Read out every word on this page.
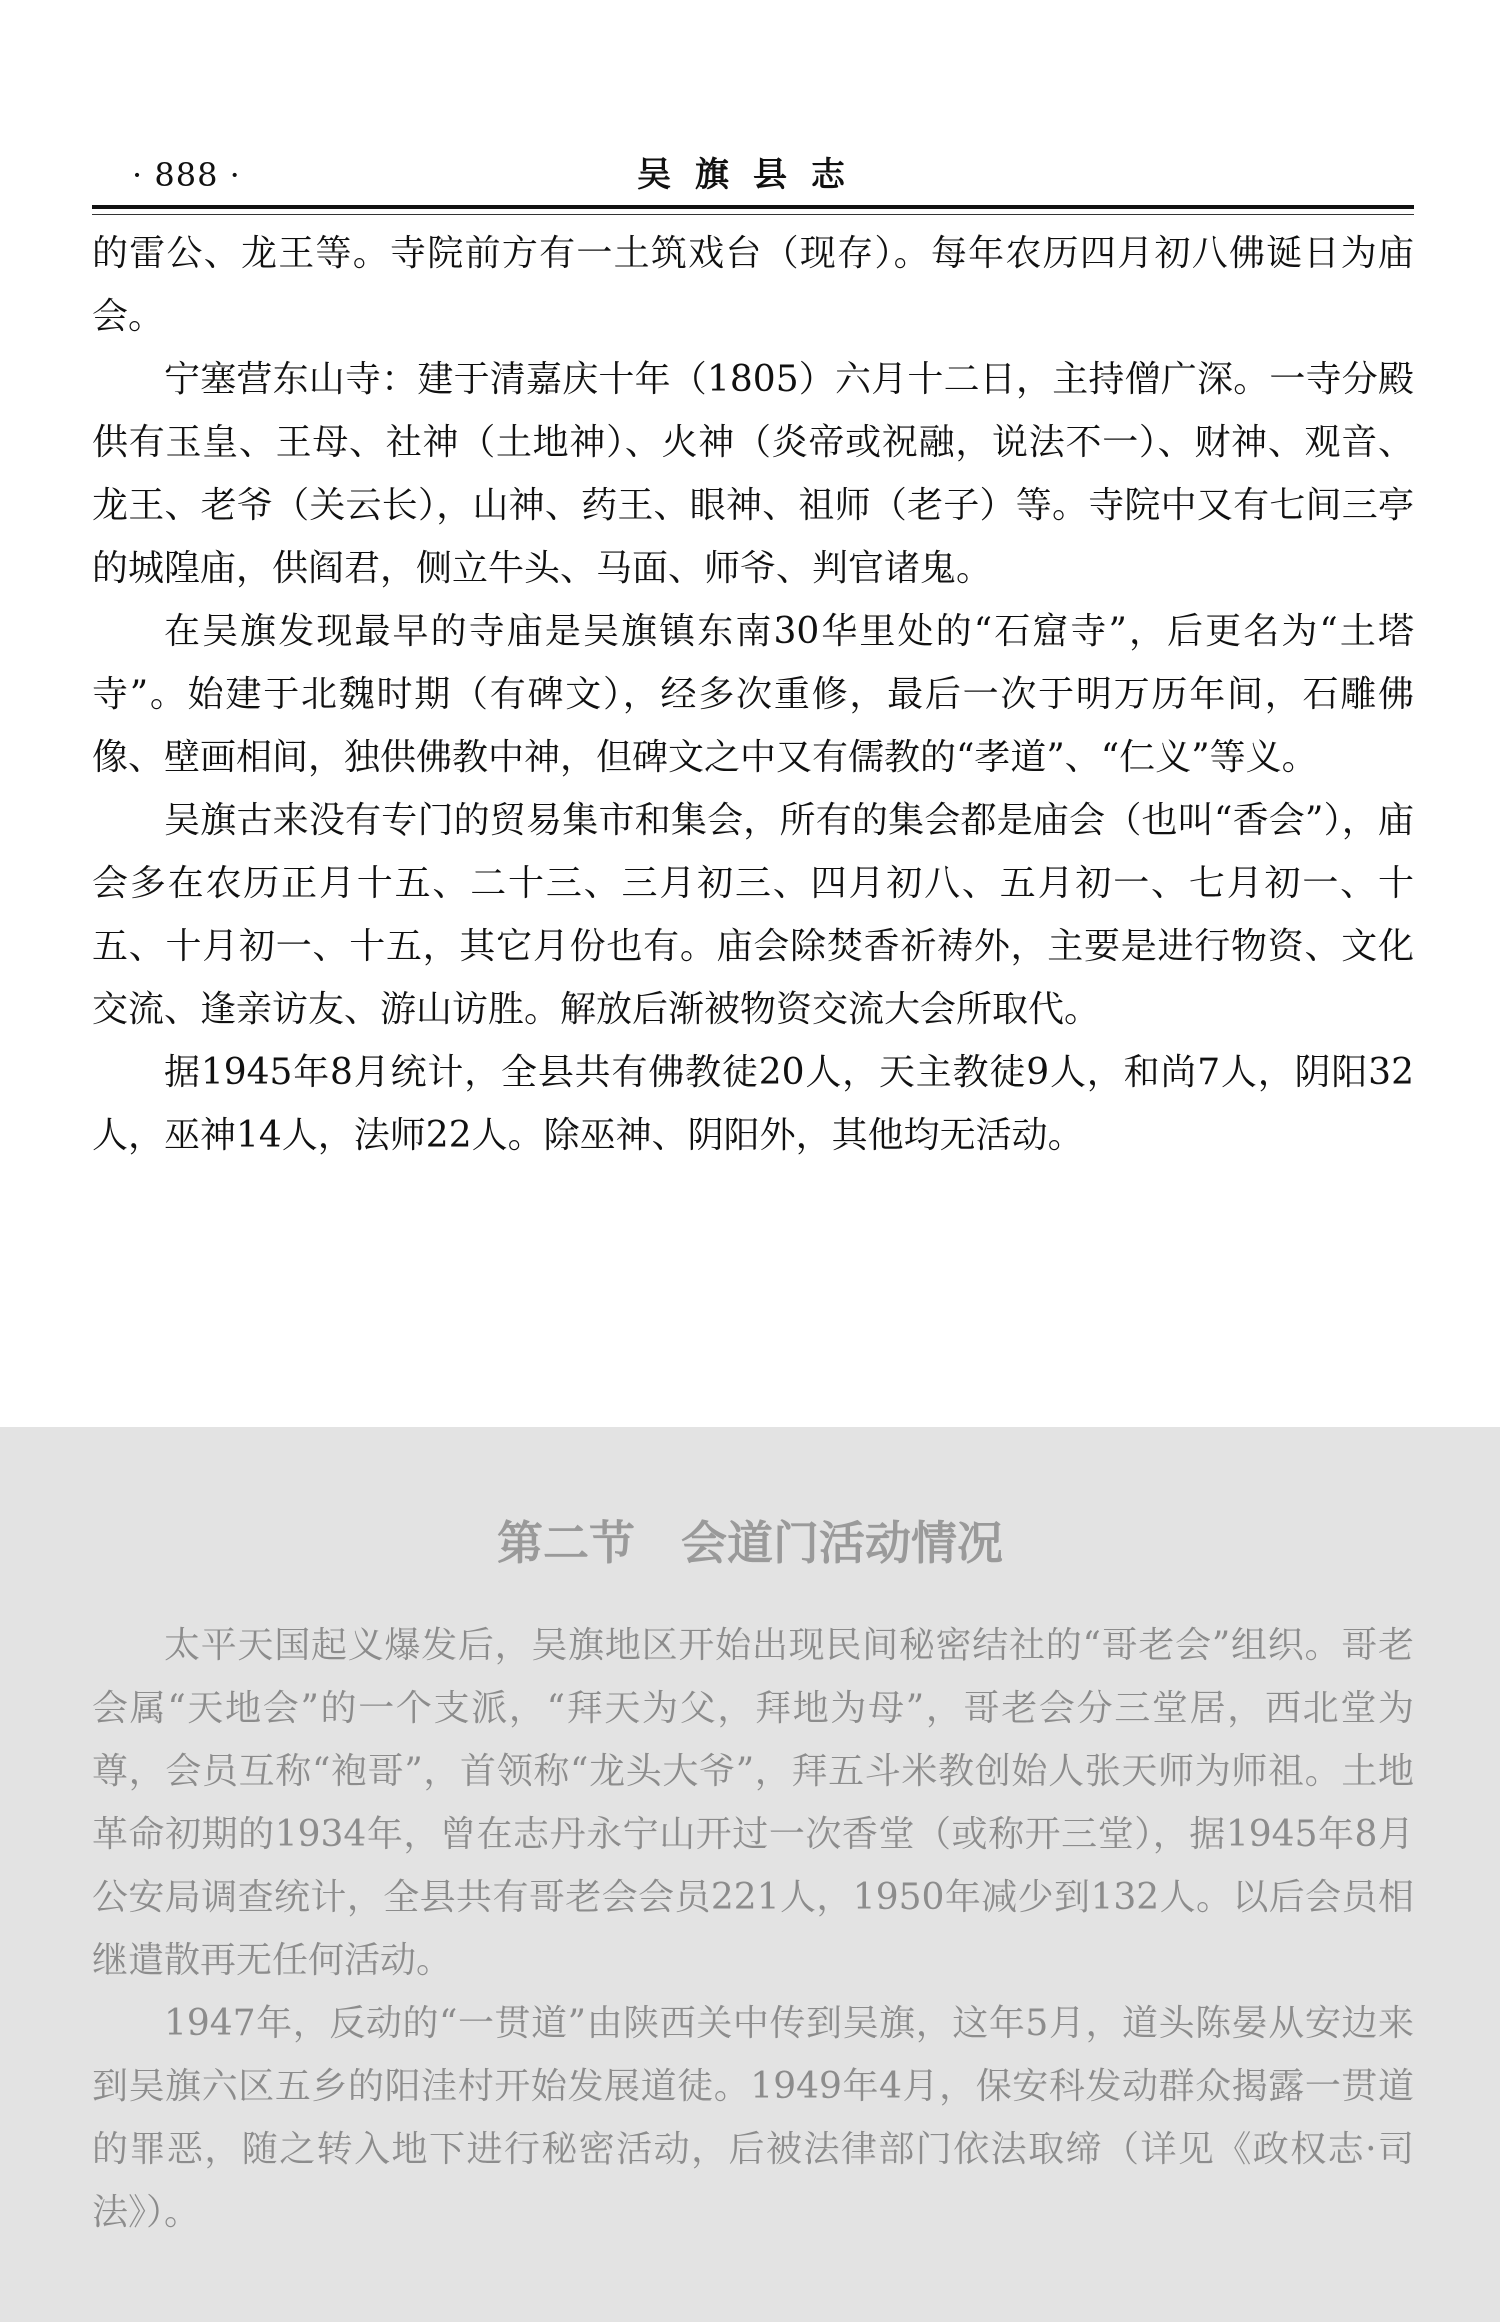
· 888 ·	吴旗县志

的雷公、龙王等。寺院前方有一土筑戏台（现存）。每年农历四月初八佛诞日为庙会。

宁塞营东山寺：建于清嘉庆十年（1805）六月十二日，主持僧广深。一寺分殿供有玉皇、王母、社神（土地神）、火神（炎帝或祝融，说法不一）、财神、观音、龙王、老爷（关云长），山神、药王、眼神、祖师（老子）等。寺院中又有七间三亭的城隍庙，供阎君，侧立牛头、马面、师爷、判官诸鬼。

在吴旗发现最早的寺庙是吴旗镇东南30华里处的“石窟寺”，后更名为“土塔寺”。始建于北魏时期（有碑文），经多次重修，最后一次于明万历年间，石雕佛像、壁画相间，独供佛教中神，但碑文之中又有儒教的“孝道”、“仁义”等义。

吴旗古来没有专门的贸易集市和集会，所有的集会都是庙会（也叫“香会”），庙会多在农历正月十五、二十三、三月初三、四月初八、五月初一、七月初一、十五、十月初一、十五，其它月份也有。庙会除焚香祈祷外，主要是进行物资、文化交流、逢亲访友、游山访胜。解放后渐被物资交流大会所取代。

据1945年8月统计，全县共有佛教徒20人，天主教徒9人，和尚7人，阴阳32人，巫神14人，法师22人。除巫神、阴阳外，其他均无活动。

第二节　会道门活动情况

太平天国起义爆发后，吴旗地区开始出现民间秘密结社的“哥老会”组织。哥老会属“天地会”的一个支派，“拜天为父，拜地为母”，哥老会分三堂居，西北堂为尊，会员互称“袍哥”，首领称“龙头大爷”，拜五斗米教创始人张天师为师祖。土地革命初期的1934年，曾在志丹永宁山开过一次香堂（或称开三堂），据1945年8月公安局调查统计，全县共有哥老会会员221人，1950年减少到132人。以后会员相继遣散再无任何活动。

1947年，反动的“一贯道”由陕西关中传到吴旗，这年5月，道头陈晏从安边来到吴旗六区五乡的阳洼村开始发展道徒。1949年4月，保安科发动群众揭露一贯道的罪恶，随之转入地下进行秘密活动，后被法律部门依法取缔（详见《政权志·司法》）。
